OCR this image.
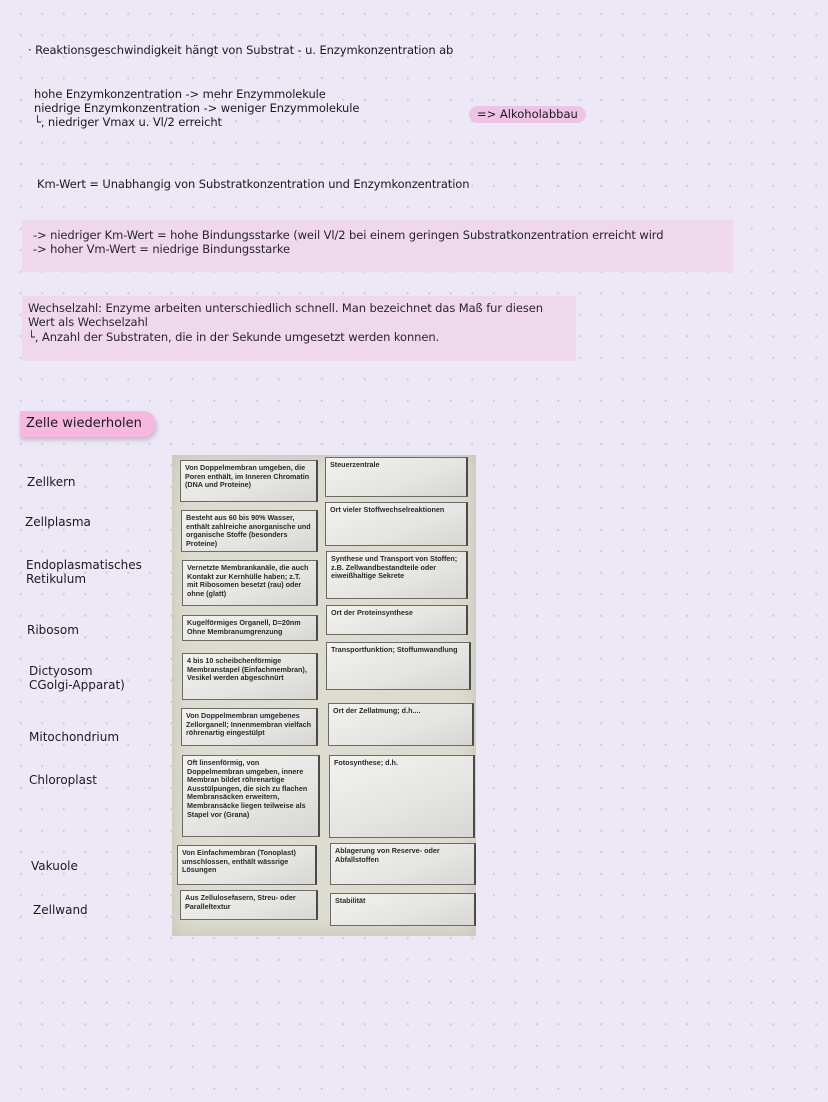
· Reaktionsgeschwindigkeit hängt von Substrat - u. Enzymkonzentration ab
hohe Enzymkonzentration -> mehr Enzymmolekule
niedrige Enzymkonzentration -> weniger Enzymmolekule
└, niedriger Vmax u. Vl/2 erreicht
=> Alkoholabbau
Km-Wert = Unabhangig von Substratkonzentration und Enzymkonzentration
-> niedriger Km-Wert = hohe Bindungsstarke (weil Vl/2 bei einem geringen Substratkonzentration erreicht wird
-> hoher Vm-Wert = niedrige Bindungsstarke
Wechselzahl: Enzyme arbeiten unterschiedlich schnell. Man bezeichnet das Maß fur diesen
Wert als Wechselzahl
└, Anzahl der Substraten, die in der Sekunde umgesetzt werden konnen.
Zelle wiederholen
Zellkern
Zellplasma
Endoplasmatisches Retikulum
Ribosom
Dictyosom CGolgi-Apparat)
Mitochondrium
Chloroplast
Vakuole
Zellwand
Von Doppelmembran umgeben, die Poren enthält, im Inneren Chromatin (DNA und Proteine)
Steuerzentrale
Besteht aus 60 bis 90% Wasser, enthält zahlreiche anorganische und organische Stoffe (besonders Proteine)
Ort vieler Stoffwechselreaktionen
Vernetzte Membrankanäle, die auch Kontakt zur Kernhülle haben; z.T. mit Ribosomen besetzt (rau) oder ohne (glatt)
Synthese und Transport von Stoffen; z.B. Zellwandbestandteile oder eiweißhaltige Sekrete
Kugelförmiges Organell, D=20nm Ohne Membranumgrenzung
Ort der Proteinsynthese
4 bis 10 scheibchenförmige Membranstapel (Einfachmembran), Vesikel werden abgeschnürt
Transportfunktion; Stoffumwandlung
Von Doppelmembran umgebenes Zellorganell; Innenmembran vielfach röhrenartig eingestülpt
Ort der Zellatmung; d.h....
Oft linsenförmig, von Doppelmembran umgeben, innere Membran bildet röhrenartige Ausstülpungen, die sich zu flachen Membransäcken erweitern, Membransäcke liegen teilweise als Stapel vor (Grana)
Fotosynthese; d.h.
Von Einfachmembran (Tonoplast) umschlossen, enthält wässrige Lösungen
Ablagerung von Reserve- oder Abfallstoffen
Aus Zellulosefasern, Streu- oder Paralleltextur
Stabilität
